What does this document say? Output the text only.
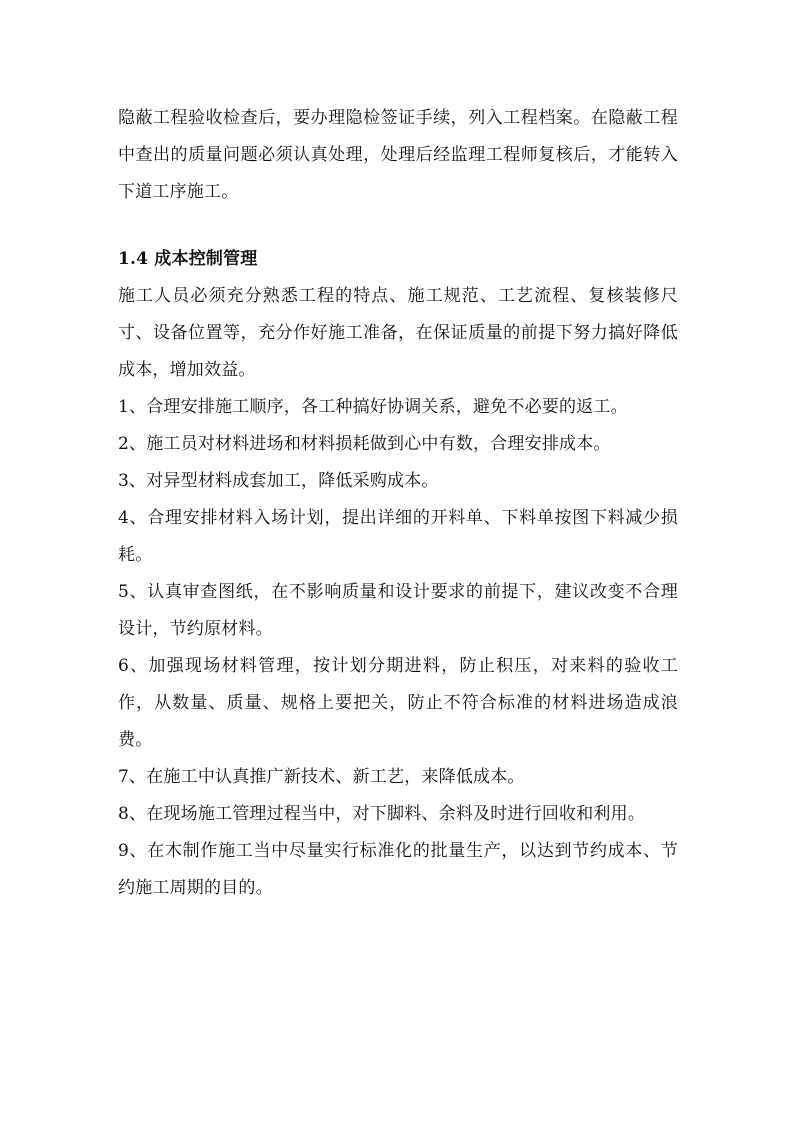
隐蔽工程验收检查后，要办理隐检签证手续，列入工程档案。在隐蔽工程中查出的质量问题必须认真处理，处理后经监理工程师复核后，才能转入下道工序施工。

1.4 成本控制管理

施工人员必须充分熟悉工程的特点、施工规范、工艺流程、复核装修尺寸、设备位置等，充分作好施工准备，在保证质量的前提下努力搞好降低成本，增加效益。

1、合理安排施工顺序，各工种搞好协调关系，避免不必要的返工。

2、施工员对材料进场和材料损耗做到心中有数，合理安排成本。

3、对异型材料成套加工，降低采购成本。

4、合理安排材料入场计划，提出详细的开料单、下料单按图下料减少损耗。

5、认真审查图纸，在不影响质量和设计要求的前提下，建议改变不合理设计，节约原材料。

6、加强现场材料管理，按计划分期进料，防止积压，对来料的验收工作，从数量、质量、规格上要把关，防止不符合标准的材料进场造成浪费。

7、在施工中认真推广新技术、新工艺，来降低成本。

8、在现场施工管理过程当中，对下脚料、余料及时进行回收和利用。

9、在木制作施工当中尽量实行标准化的批量生产，以达到节约成本、节约施工周期的目的。
